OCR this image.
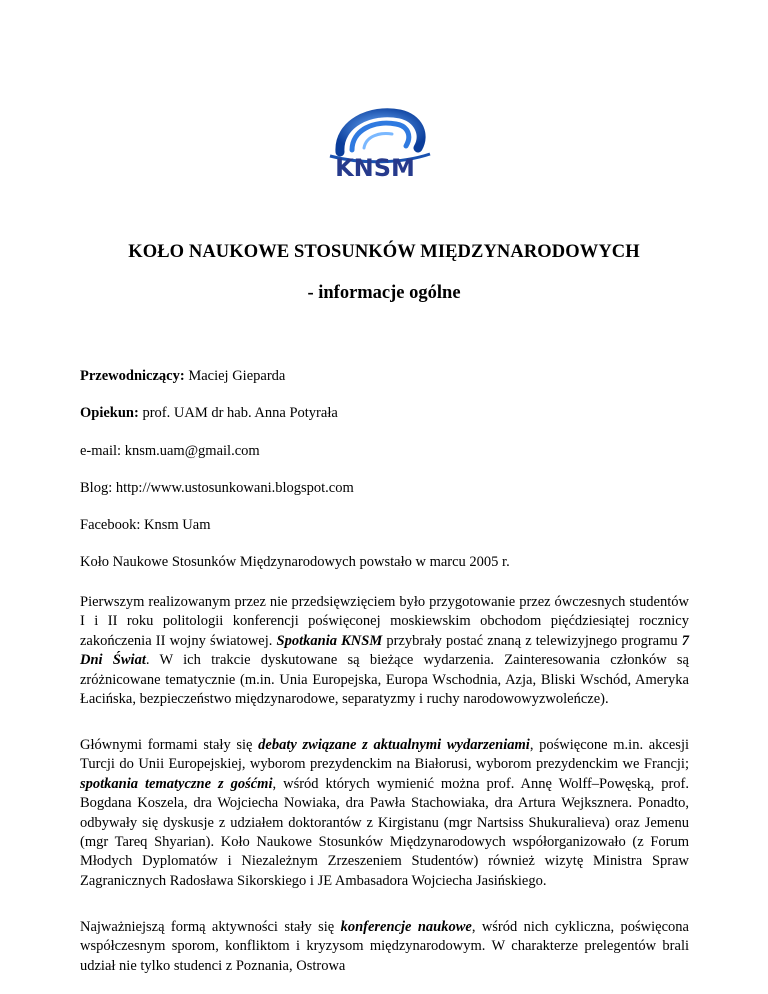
KNSM
KOŁO NAUKOWE STOSUNKÓW MIĘDZYNARODOWYCH
- informacje ogólne
Przewodniczący: Maciej Gieparda
Opiekun: prof. UAM dr hab. Anna Potyrała
e-mail: knsm.uam@gmail.com
Blog: http://www.ustosunkowani.blogspot.com
Facebook: Knsm Uam
Koło Naukowe Stosunków Międzynarodowych powstało w marcu 2005 r.
Pierwszym realizowanym przez nie przedsięwzięciem było przygotowanie przez ówczesnych studentów I i II roku politologii konferencji poświęconej moskiewskim obchodom pięćdziesiątej rocznicy zakończenia II wojny światowej. Spotkania KNSM przybrały postać znaną z telewizyjnego programu 7 Dni Świat. W ich trakcie dyskutowane są bieżące wydarzenia. Zainteresowania członków są zróżnicowane tematycznie (m.in. Unia Europejska, Europa Wschodnia, Azja, Bliski Wschód, Ameryka Łacińska, bezpieczeństwo międzynarodowe, separatyzmy i ruchy narodowowyzwoleńcze).
Głównymi formami stały się debaty związane z aktualnymi wydarzeniami, poświęcone m.in. akcesji Turcji do Unii Europejskiej, wyborom prezydenckim na Białorusi, wyborom prezydenckim we Francji; spotkania tematyczne z gośćmi, wśród których wymienić można prof. Annę Wolff–Powęską, prof. Bogdana Koszela, dra Wojciecha Nowiaka, dra Pawła Stachowiaka, dra Artura Wejksznera. Ponadto, odbywały się dyskusje z udziałem doktorantów z Kirgistanu (mgr Nartsiss Shukuralieva) oraz Jemenu (mgr Tareq Shyarian). Koło Naukowe Stosunków Międzynarodowych współorganizowało (z Forum Młodych Dyplomatów i Niezależnym Zrzeszeniem Studentów) również wizytę Ministra Spraw Zagranicznych Radosława Sikorskiego i JE Ambasadora Wojciecha Jasińskiego.
Najważniejszą formą aktywności stały się konferencje naukowe, wśród nich cykliczna, poświęcona współczesnym sporom, konfliktom i kryzysom międzynarodowym. W charakterze prelegentów brali udział nie tylko studenci z Poznania, Ostrowa
